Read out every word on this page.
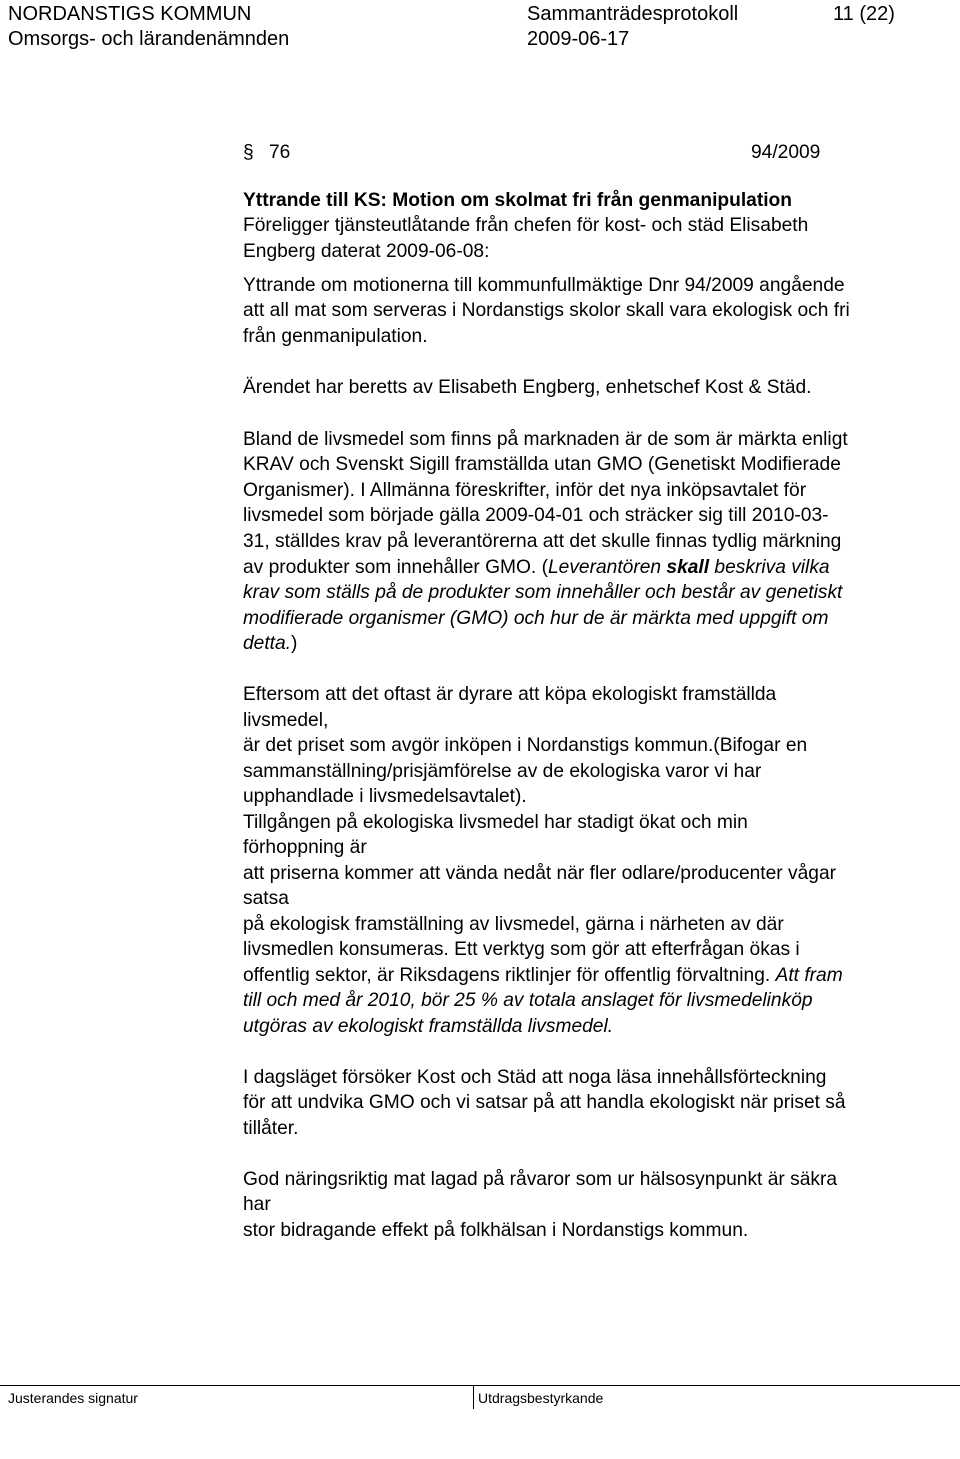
NORDANSTIGS KOMMUN
Omsorgs- och lärandenämnden
Sammanträdesprotokoll
2009-06-17
11 (22)
§ 76	94/2009
Yttrande till KS: Motion om skolmat fri från genmanipulation
Föreligger tjänsteutlåtande från chefen för kost- och städ Elisabeth
Engberg daterat 2009-06-08:
Yttrande om motionerna till kommunfullmäktige Dnr 94/2009 angående
att all mat som serveras i Nordanstigs skolor skall vara ekologisk och fri
från genmanipulation.
Ärendet har beretts av Elisabeth Engberg, enhetschef Kost & Städ.
Bland de livsmedel som finns på marknaden är de som är märkta enligt
KRAV och Svenskt Sigill framställda utan GMO (Genetiskt Modifierade
Organismer). I Allmänna föreskrifter, inför det nya inköpsavtalet för
livsmedel som började gälla 2009-04-01 och sträcker sig till 2010-03-
31, ställdes krav på leverantörerna att det skulle finnas tydlig märkning
av produkter som innehåller GMO. (Leverantören skall beskriva vilka
krav som ställs på de produkter som innehåller och består av genetiskt
modifierade organismer (GMO) och hur de är märkta med uppgift om
detta.)
Eftersom att det oftast är dyrare att köpa ekologiskt framställda
livsmedel,
är det priset som avgör inköpen i Nordanstigs kommun.(Bifogar en
sammanställning/prisjämförelse av de ekologiska varor vi har
upphandlade i livsmedelsavtalet).
Tillgången på ekologiska livsmedel har stadigt ökat och min
förhoppning är
att priserna kommer att vända nedåt när fler odlare/producenter vågar
satsa
på ekologisk framställning av livsmedel, gärna i närheten av där
livsmedlen konsumeras. Ett verktyg som gör att efterfrågan ökas i
offentlig sektor, är Riksdagens riktlinjer för offentlig förvaltning. Att fram
till och med år 2010, bör 25 % av totala anslaget för livsmedelinköp
utgöras av ekologiskt framställda livsmedel.
I dagsläget försöker Kost och Städ att noga läsa innehållsförteckning
för att undvika GMO och vi satsar på att handla ekologiskt när priset så
tillåter.
God näringsriktig mat lagad på råvaror som ur hälsosynpunkt är säkra
har
stor bidragande effekt på folkhälsan i Nordanstigs kommun.
Justerandes signatur	Utdragsbestyrkande
